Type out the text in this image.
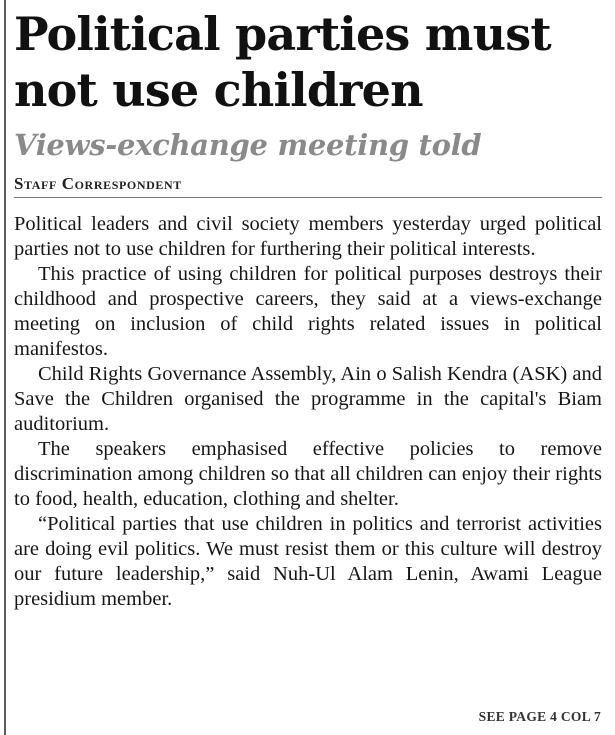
Political parties must
not use children
Views-exchange meeting told
Staff Correspondent

Political leaders and civil society members yesterday urged political parties not to use children for furthering their political interests.

This practice of using children for political purposes destroys their childhood and prospective careers, they said at a views-exchange meeting on inclusion of child rights related issues in political manifestos.

Child Rights Governance Assembly, Ain o Salish Kendra (ASK) and Save the Children organised the programme in the capital's Biam auditorium.

The speakers emphasised effective policies to remove discrimination among children so that all children can enjoy their rights to food, health, education, clothing and shelter.

“Political parties that use children in politics and terrorist activities are doing evil politics. We must resist them or this culture will destroy our future leadership,” said Nuh-Ul Alam Lenin, Awami League presidium member.

SEE PAGE 4 COL 7
